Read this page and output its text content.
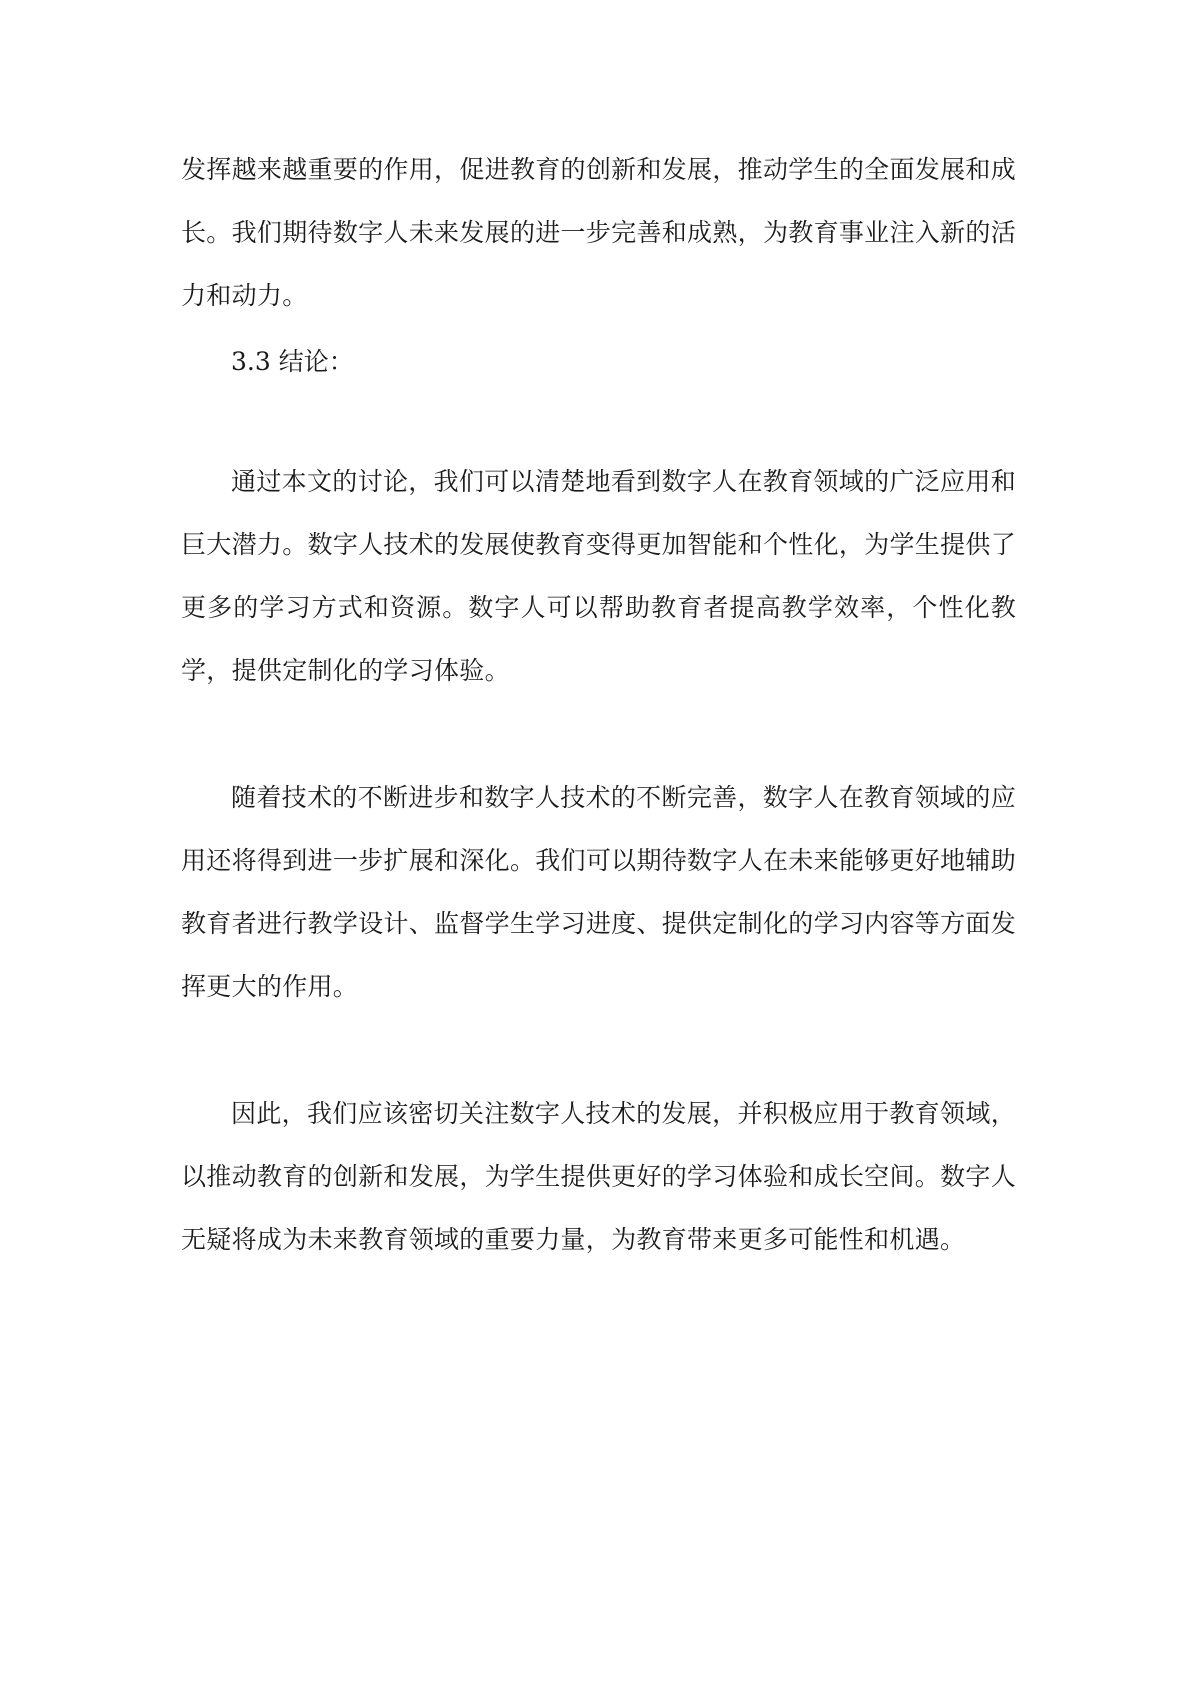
发挥越来越重要的作用，促进教育的创新和发展，推动学生的全面发展和成长。我们期待数字人未来发展的进一步完善和成熟，为教育事业注入新的活力和动力。

3.3 结论：

通过本文的讨论，我们可以清楚地看到数字人在教育领域的广泛应用和巨大潜力。数字人技术的发展使教育变得更加智能和个性化，为学生提供了更多的学习方式和资源。数字人可以帮助教育者提高教学效率，个性化教学，提供定制化的学习体验。

随着技术的不断进步和数字人技术的不断完善，数字人在教育领域的应用还将得到进一步扩展和深化。我们可以期待数字人在未来能够更好地辅助教育者进行教学设计、监督学生学习进度、提供定制化的学习内容等方面发挥更大的作用。

因此，我们应该密切关注数字人技术的发展，并积极应用于教育领域，以推动教育的创新和发展，为学生提供更好的学习体验和成长空间。数字人无疑将成为未来教育领域的重要力量，为教育带来更多可能性和机遇。
